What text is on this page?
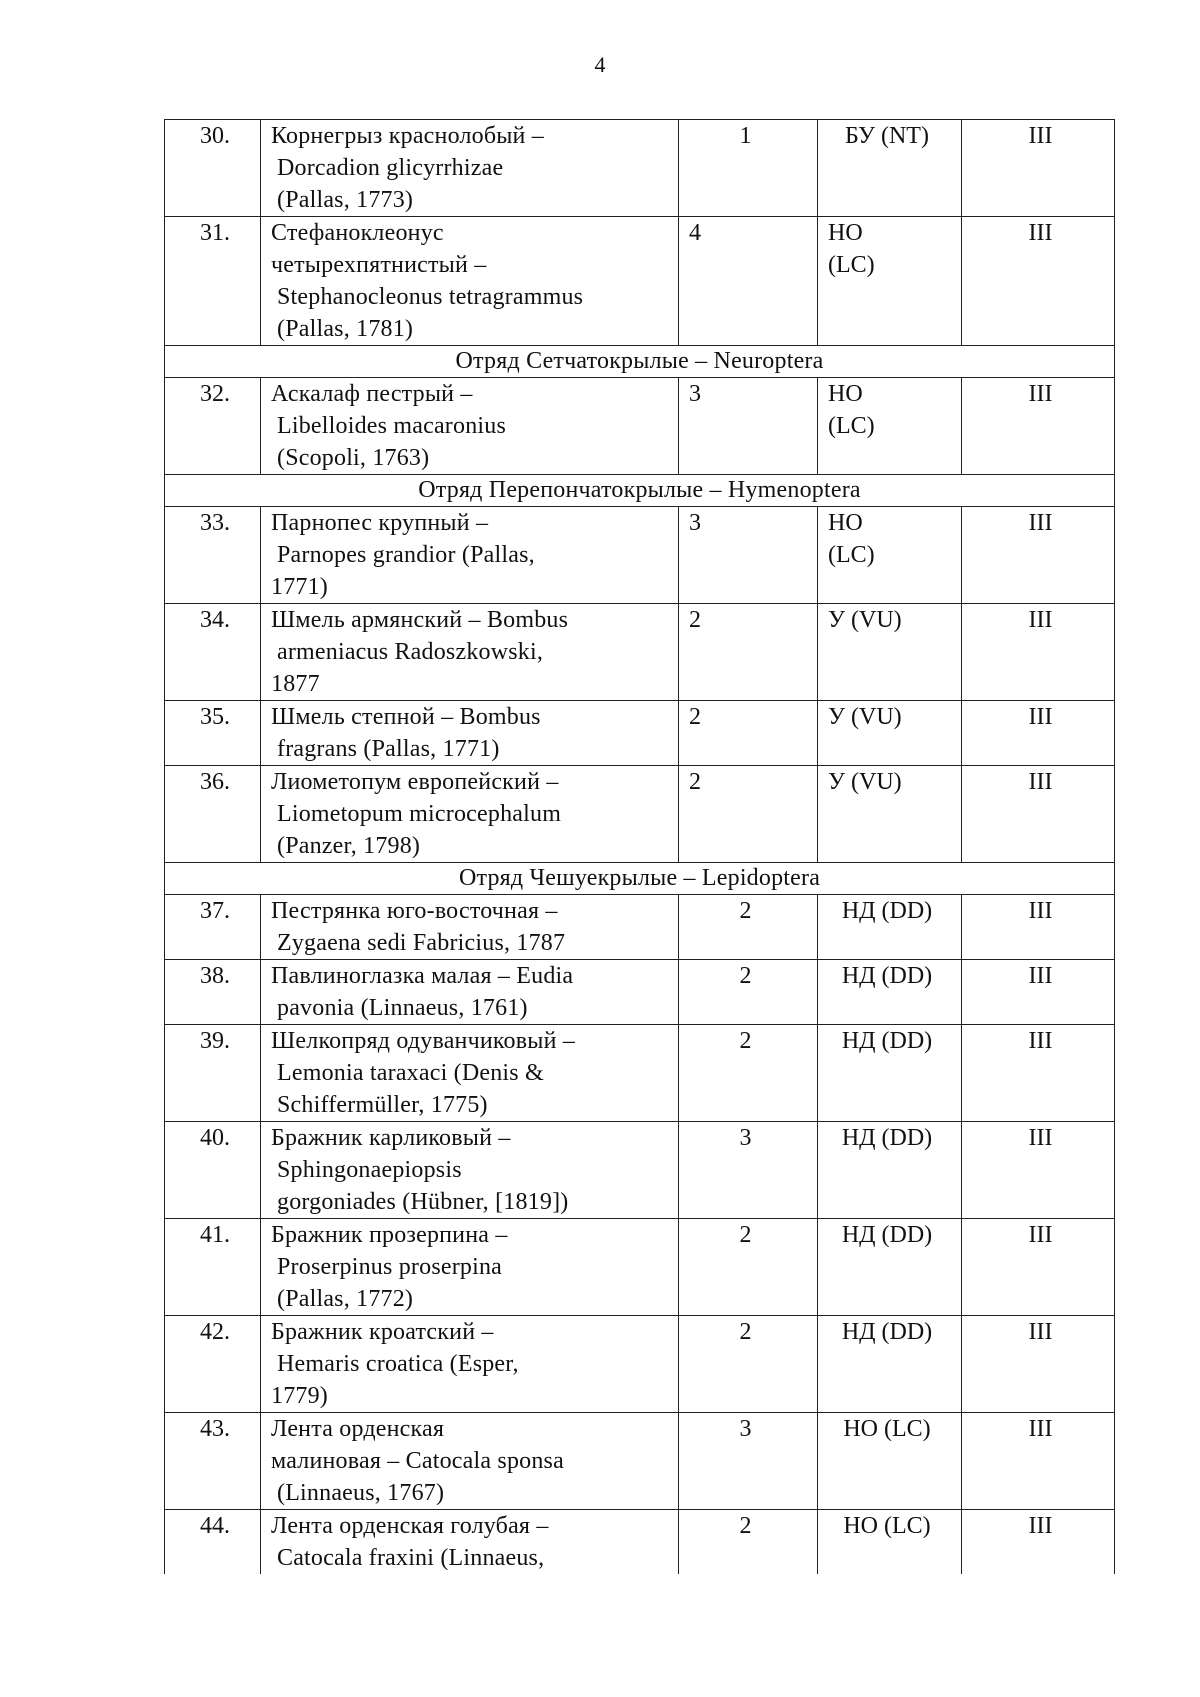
4
30.	Корнегрыз краснолобый –
Dorcadion glicyrrhizae
(Pallas, 1773)	1	БУ (NT)	III
31.	Стефаноклеонус
четырехпятнистый –
Stephanocleonus tetragrammus
(Pallas, 1781)	4	НО
(LC)	III
Отряд Сетчатокрылые – Neuroptera				
32.	Аскалаф пестрый –
Libelloides macaronius
(Scopoli, 1763)	3	НО
(LC)	III
Отряд Перепончатокрылые – Hymenoptera				
33.	Парнопес крупный –
Parnopes grandior (Pallas,
1771)	3	НО
(LC)	III
34.	Шмель армянский – Bombus
armeniacus Radoszkowski,
1877	2	У (VU)	III
35.	Шмель степной – Bombus
fragrans (Pallas, 1771)	2	У (VU)	III
36.	Лиометопум европейский –
Liometopum microcephalum
(Panzer, 1798)	2	У (VU)	III
Отряд Чешуекрылые – Lepidoptera				
37.	Пестрянка юго-восточная –
Zygaena sedi Fabricius, 1787	2	НД (DD)	III
38.	Павлиноглазка малая – Eudia
pavonia (Linnaeus, 1761)	2	НД (DD)	III
39.	Шелкопряд одуванчиковый –
Lemonia taraxaci (Denis &
Schiffermüller, 1775)	2	НД (DD)	III
40.	Бражник карликовый –
Sphingonaepiopsis
gorgoniades (Hübner, [1819])	3	НД (DD)	III
41.	Бражник прозерпина –
Proserpinus proserpina
(Pallas, 1772)	2	НД (DD)	III
42.	Бражник кроатский –
Hemaris croatica (Esper,
1779)	2	НД (DD)	III
43.	Лента орденская
малиновая – Catocala sponsa
(Linnaeus, 1767)	3	НО (LC)	III
44.	Лента орденская голубая –
Catocala fraxini (Linnaeus,	2	НО (LC)	III
